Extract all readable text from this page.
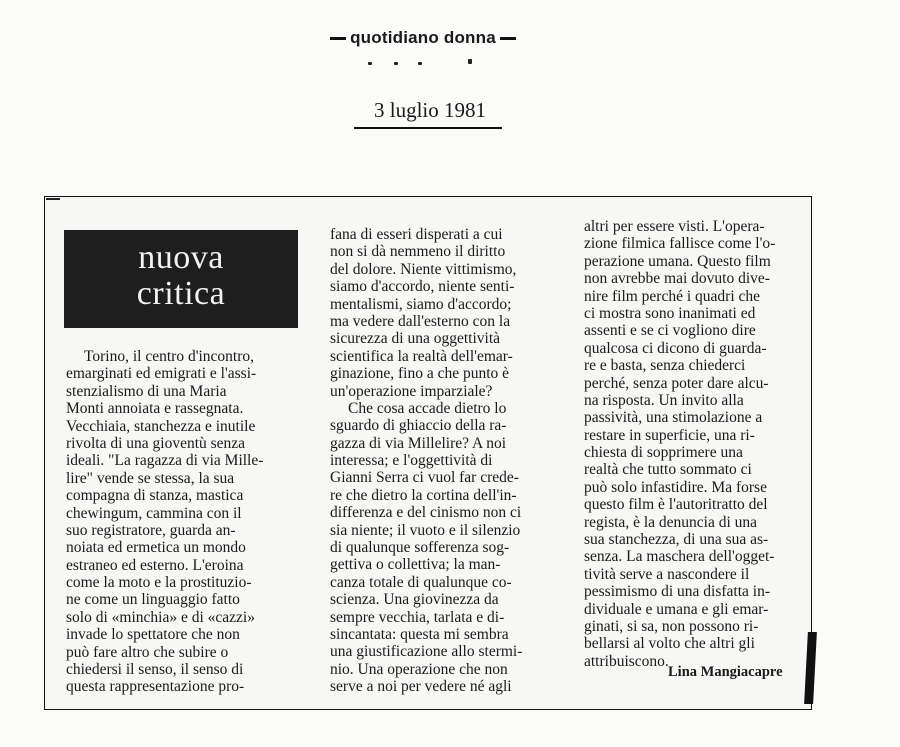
quotidiano donna
3 luglio 1981
nuova
critica
Torino, il centro d'incontro,
emarginati ed emigrati e l'assi-
stenzialismo di una Maria
Monti annoiata e rassegnata.
Vecchiaia, stanchezza e inutile
rivolta di una gioventù senza
ideali. "La ragazza di via Mille-
lire" vende se stessa, la sua
compagna di stanza, mastica
chewingum, cammina con il
suo registratore, guarda an-
noiata ed ermetica un mondo
estraneo ed esterno. L'eroina
come la moto e la prostituzio-
ne come un linguaggio fatto
solo di «minchia» e di «cazzi»
invade lo spettatore che non
può fare altro che subire o
chiedersi il senso, il senso di
questa rappresentazione pro-
fana di esseri disperati a cui
non si dà nemmeno il diritto
del dolore. Niente vittimismo,
siamo d'accordo, niente senti-
mentalismi, siamo d'accordo;
ma vedere dall'esterno con la
sicurezza di una oggettività
scientifica la realtà dell'emar-
ginazione, fino a che punto è
un'operazione imparziale?
Che cosa accade dietro lo
sguardo di ghiaccio della ra-
gazza di via Millelire? A noi
interessa; e l'oggettività di
Gianni Serra ci vuol far crede-
re che dietro la cortina dell'in-
differenza e del cinismo non ci
sia niente; il vuoto e il silenzio
di qualunque sofferenza sog-
gettiva o collettiva; la man-
canza totale di qualunque co-
scienza. Una giovinezza da
sempre vecchia, tarlata e di-
sincantata: questa mi sembra
una giustificazione allo stermi-
nio. Una operazione che non
serve a noi per vedere né agli
altri per essere visti. L'opera-
zione filmica fallisce come l'o-
perazione umana. Questo film
non avrebbe mai dovuto dive-
nire film perché i quadri che
ci mostra sono inanimati ed
assenti e se ci vogliono dire
qualcosa ci dicono di guarda-
re e basta, senza chiederci
perché, senza poter dare alcu-
na risposta. Un invito alla
passività, una stimolazione a
restare in superficie, una ri-
chiesta di sopprimere una
realtà che tutto sommato ci
può solo infastidire. Ma forse
questo film è l'autoritratto del
regista, è la denuncia di una
sua stanchezza, di una sua as-
senza. La maschera dell'ogget-
tività serve a nascondere il
pessimismo di una disfatta in-
dividuale e umana e gli emar-
ginati, si sa, non possono ri-
bellarsi al volto che altri gli
attribuiscono.
Lina Mangiacapre
